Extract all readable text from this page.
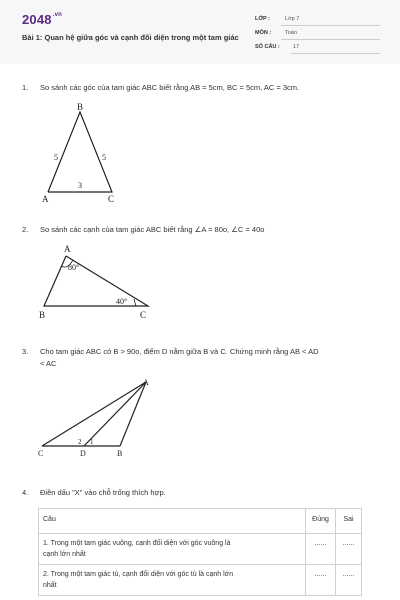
$2048^{.vn}$
Bài 1: Quan hệ giữa góc và cạnh đối diện trong một tam giác
LỚP :	Lớp 7
MÔN :	Toán
SỐ CÂU : 17
1.	So sánh các góc của tam giác ABC biết rằng AB = 5cm, BC = 5cm, AC = 3cm.
B
A	C
5	5
3
2.	So sánh các cạnh của tam giác ABC biết rằng ∠A = 80o, ∠C = 40o
A
B	C
80°
40°
3.	Cho tam giác ABC có B > 90o, điểm D nằm giữa B và C. Chứng minh rằng AB < AD
< AC
A
C	D	B
2 1
4.	Điền dấu "X" vào chỗ trống thích hợp.
Câu	Đúng	Sai
1. Trong một tam giác vuông, cạnh đối diện với góc vuông là
cạnh lớn nhất	......	......
2. Trong một tam giác tù, cạnh đối diện với góc tù là cạnh lớn
nhất	......	......
